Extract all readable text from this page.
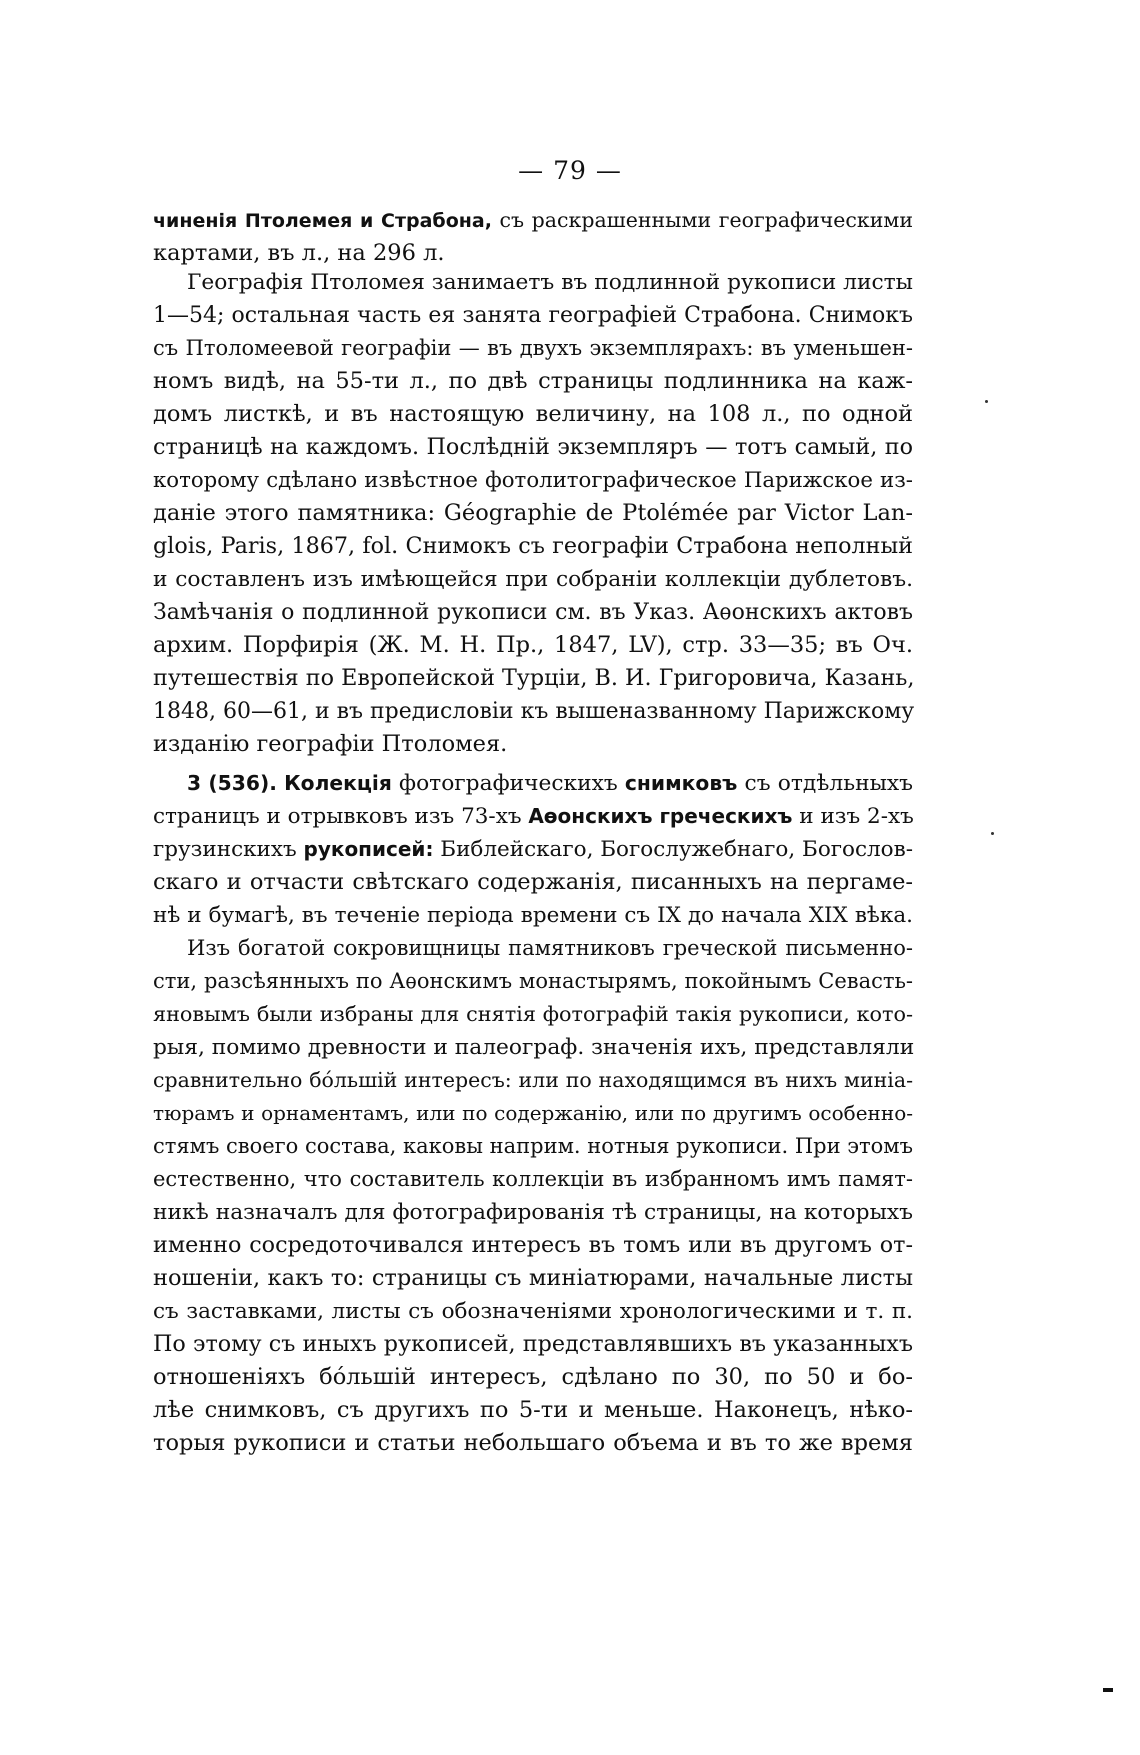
— 79 —
чиненія Птолемея и Страбона, съ раскрашенными географическими
картами, въ л., на 296 л.
Географія Птоломея занимаетъ въ подлинной рукописи листы
1—54; остальная часть ея занята географіей Страбона. Снимокъ
съ Птоломеевой географіи — въ двухъ экземплярахъ: въ уменьшен-
номъ видѣ, на 55-ти л., по двѣ страницы подлинника на каж-
домъ листкѣ, и въ настоящую величину, на 108 л., по одной
страницѣ на каждомъ. Послѣдній экземпляръ — тотъ самый, по
которому сдѣлано извѣстное фотолитографическое Парижское из-
даніе этого памятника: Géographie de Ptolémée par Victor Lan-
glois, Paris, 1867, fol. Снимокъ съ географіи Страбона неполный
и составленъ изъ имѣющейся при собраніи коллекціи дублетовъ.
Замѣчанія о подлинной рукописи см. въ Указ. Аѳонскихъ актовъ
архим. Порфирія (Ж. М. Н. Пр., 1847, LV), стр. 33—35; въ Оч.
путешествія по Европейской Турціи, В. И. Григоровича, Казань,
1848, 60—61, и въ предисловіи къ вышеназванному Парижскому
изданію географіи Птоломея.
3 (536). Колекція фотографическихъ снимковъ съ отдѣльныхъ
страницъ и отрывковъ изъ 73-хъ Аѳонскихъ греческихъ и изъ 2-хъ
грузинскихъ рукописей: Библейскаго, Богослужебнаго, Богослов-
скаго и отчасти свѣтскаго содержанія, писанныхъ на пергаме-
нѣ и бумагѣ, въ теченіе періода времени съ IX до начала XIX вѣка.
Изъ богатой сокровищницы памятниковъ греческой письменно-
сти, разсѣянныхъ по Аѳонскимъ монастырямъ, покойнымъ Севасть-
яновымъ были избраны для снятія фотографій такія рукописи, кото-
рыя, помимо древности и палеограф. значенія ихъ, представляли
сравнительно бóльшій интересъ: или по находящимся въ нихъ миніа-
тюрамъ и орнаментамъ, или по содержанію, или по другимъ особенно-
стямъ своего состава, каковы наприм. нотныя рукописи. При этомъ
естественно, что составитель коллекціи въ избранномъ имъ памят-
никѣ назначалъ для фотографированія тѣ страницы, на которыхъ
именно сосредоточивался интересъ въ томъ или въ другомъ от-
ношеніи, какъ то: страницы съ миніатюрами, начальные листы
съ заставками, листы съ обозначеніями хронологическими и т. п.
По этому съ иныхъ рукописей, представлявшихъ въ указанныхъ
отношеніяхъ бóльшій интересъ, сдѣлано по 30, по 50 и бо-
лѣе снимковъ, съ другихъ по 5-ти и меньше. Наконецъ, нѣко-
торыя рукописи и статьи небольшаго объема и въ то же время
